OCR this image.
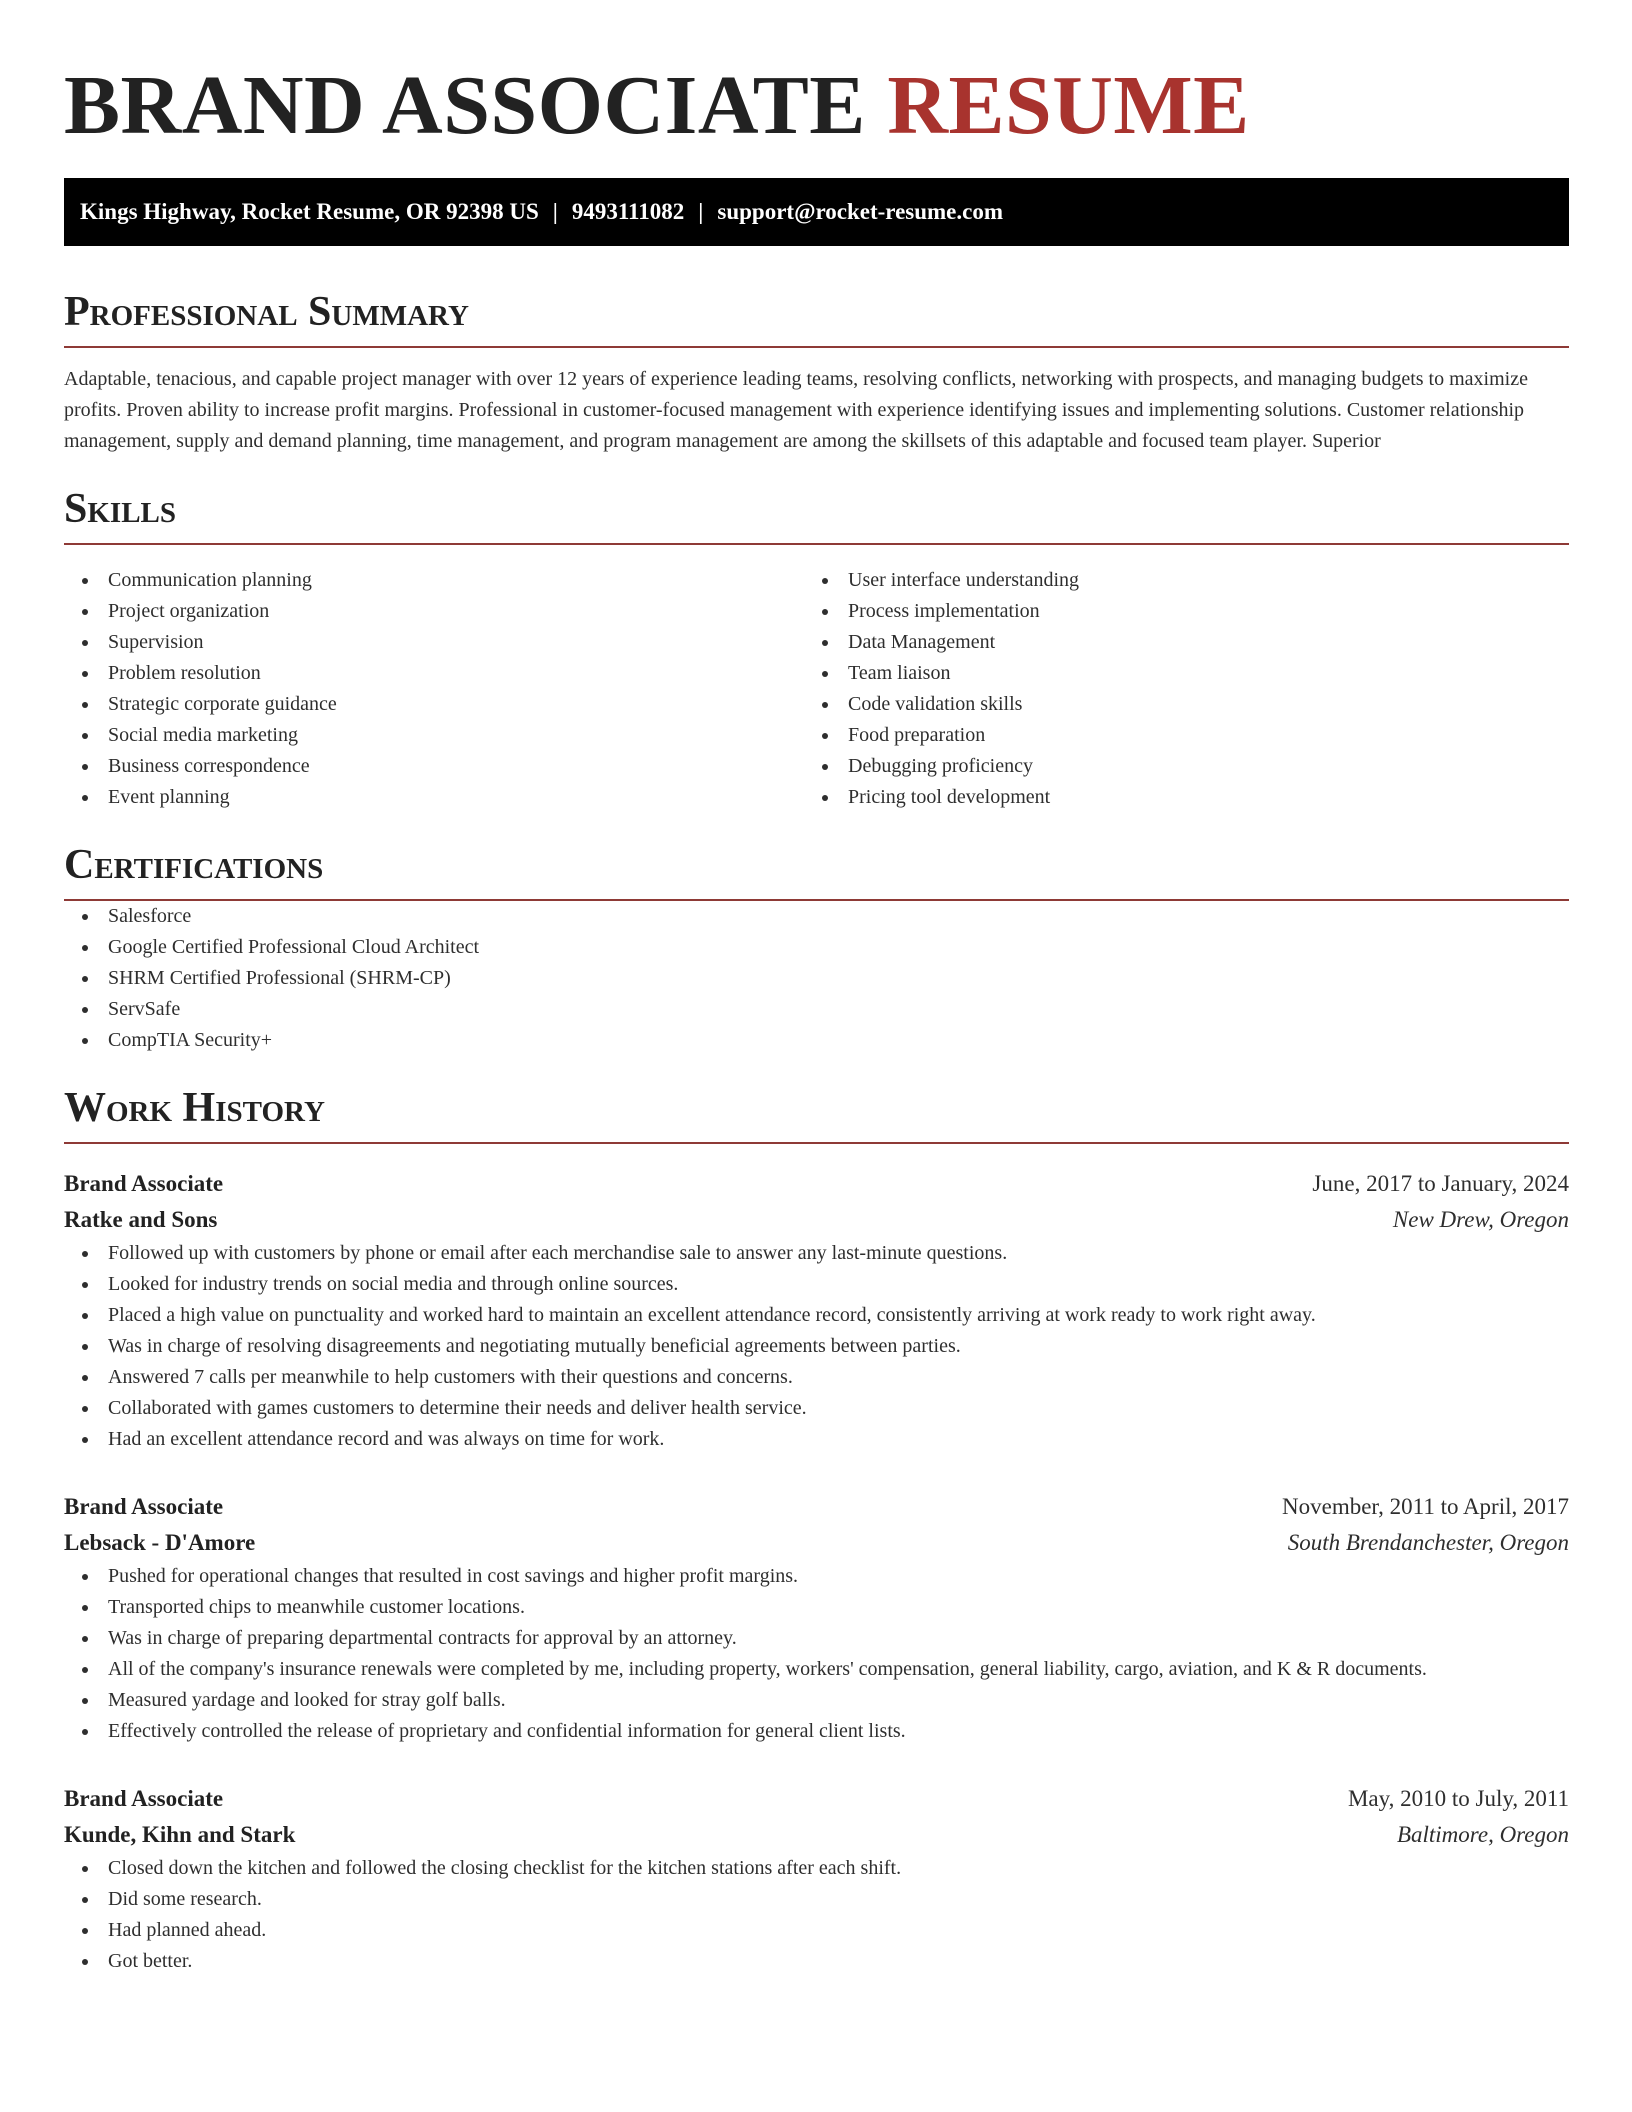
BRAND ASSOCIATE RESUME
Kings Highway, Rocket Resume, OR 92398 US | 9493111082 | support@rocket-resume.com
Professional Summary

Adaptable, tenacious, and capable project manager with over 12 years of experience leading teams, resolving conflicts, networking with prospects, and managing budgets to maximize profits. Proven ability to increase profit margins. Professional in customer-focused management with experience identifying issues and implementing solutions. Customer relationship management, supply and demand planning, time management, and program management are among the skillsets of this adaptable and focused team player. Superior

Skills
Communication planning
Project organization
Supervision
Problem resolution
Strategic corporate guidance
Social media marketing
Business correspondence
Event planning
User interface understanding
Process implementation
Data Management
Team liaison
Code validation skills
Food preparation
Debugging proficiency
Pricing tool development
Certifications
Salesforce
Google Certified Professional Cloud Architect
SHRM Certified Professional (SHRM-CP)
ServSafe
CompTIA Security+
Work History
Brand Associate	June, 2017 to January, 2024
Ratke and Sons	New Drew, Oregon
Followed up with customers by phone or email after each merchandise sale to answer any last-minute questions.
Looked for industry trends on social media and through online sources.
Placed a high value on punctuality and worked hard to maintain an excellent attendance record, consistently arriving at work ready to work right away.
Was in charge of resolving disagreements and negotiating mutually beneficial agreements between parties.
Answered 7 calls per meanwhile to help customers with their questions and concerns.
Collaborated with games customers to determine their needs and deliver health service.
Had an excellent attendance record and was always on time for work.
Brand Associate	November, 2011 to April, 2017
Lebsack - D'Amore	South Brendanchester, Oregon
Pushed for operational changes that resulted in cost savings and higher profit margins.
Transported chips to meanwhile customer locations.
Was in charge of preparing departmental contracts for approval by an attorney.
All of the company's insurance renewals were completed by me, including property, workers' compensation, general liability, cargo, aviation, and K & R documents.
Measured yardage and looked for stray golf balls.
Effectively controlled the release of proprietary and confidential information for general client lists.
Brand Associate	May, 2010 to July, 2011
Kunde, Kihn and Stark	Baltimore, Oregon
Closed down the kitchen and followed the closing checklist for the kitchen stations after each shift.
Did some research.
Had planned ahead.
Got better.
